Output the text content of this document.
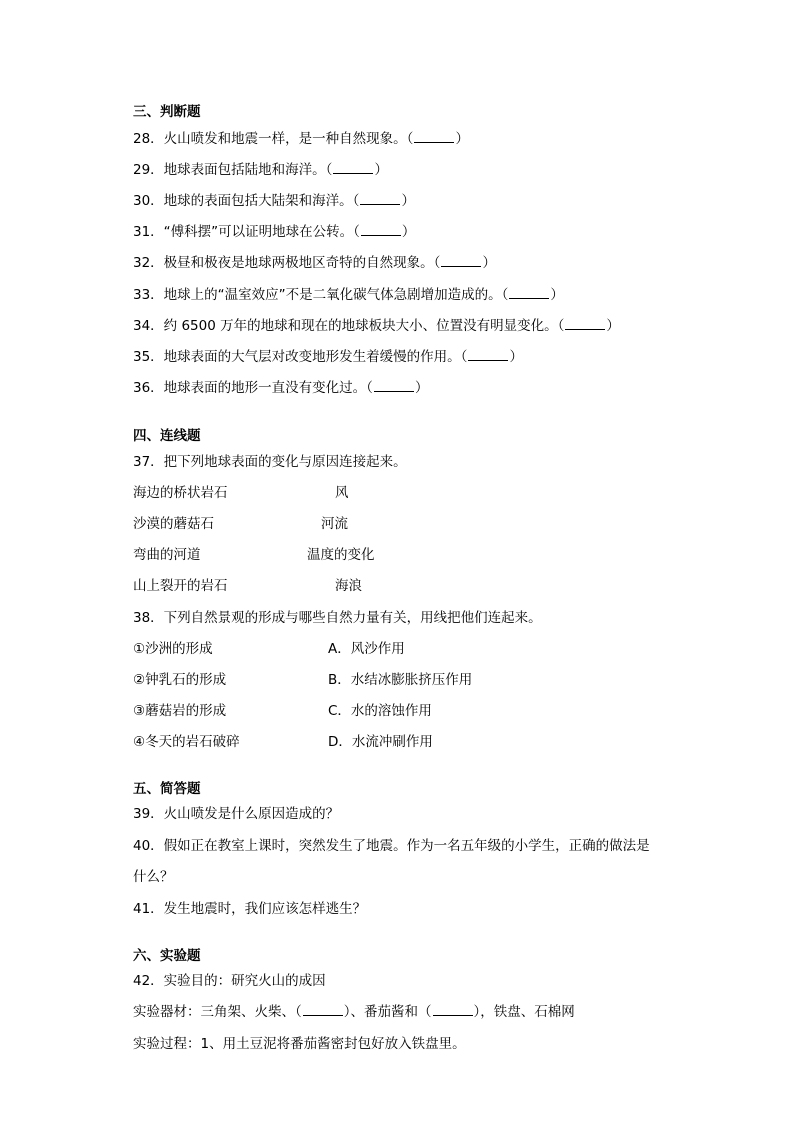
三、判断题
28．火山喷发和地震一样，是一种自然现象。（	）
29．地球表面包括陆地和海洋。（	）
30．地球的表面包括大陆架和海洋。（	）
31．“傅科摆”可以证明地球在公转。（	）
32．极昼和极夜是地球两极地区奇特的自然现象。（	）
33．地球上的“温室效应”不是二氧化碳气体急剧增加造成的。（	）
34．约 6500 万年的地球和现在的地球板块大小、位置没有明显变化。（	）
35．地球表面的大气层对改变地形发生着缓慢的作用。（	）
36．地球表面的地形一直没有变化过。（	）
四、连线题
37．把下列地球表面的变化与原因连接起来。
海边的桥状岩石	风
沙漠的蘑菇石	河流
弯曲的河道	温度的变化
山上裂开的岩石	海浪
38．下列自然景观的形成与哪些自然力量有关，用线把他们连起来。
①沙洲的形成	A．风沙作用
②钟乳石的形成	B．水结冰膨胀挤压作用
③蘑菇岩的形成	C．水的溶蚀作用
④冬天的岩石破碎	D．水流冲刷作用
五、简答题
39．火山喷发是什么原因造成的？
40．假如正在教室上课时，突然发生了地震。作为一名五年级的小学生，正确的做法是
什么？
41．发生地震时，我们应该怎样逃生？
六、实验题
42．实验目的：研究火山的成因
实验器材：三角架、火柴、（	）、番茄酱和（	），铁盘、石棉网
实验过程：1、用土豆泥将番茄酱密封包好放入铁盘里。
